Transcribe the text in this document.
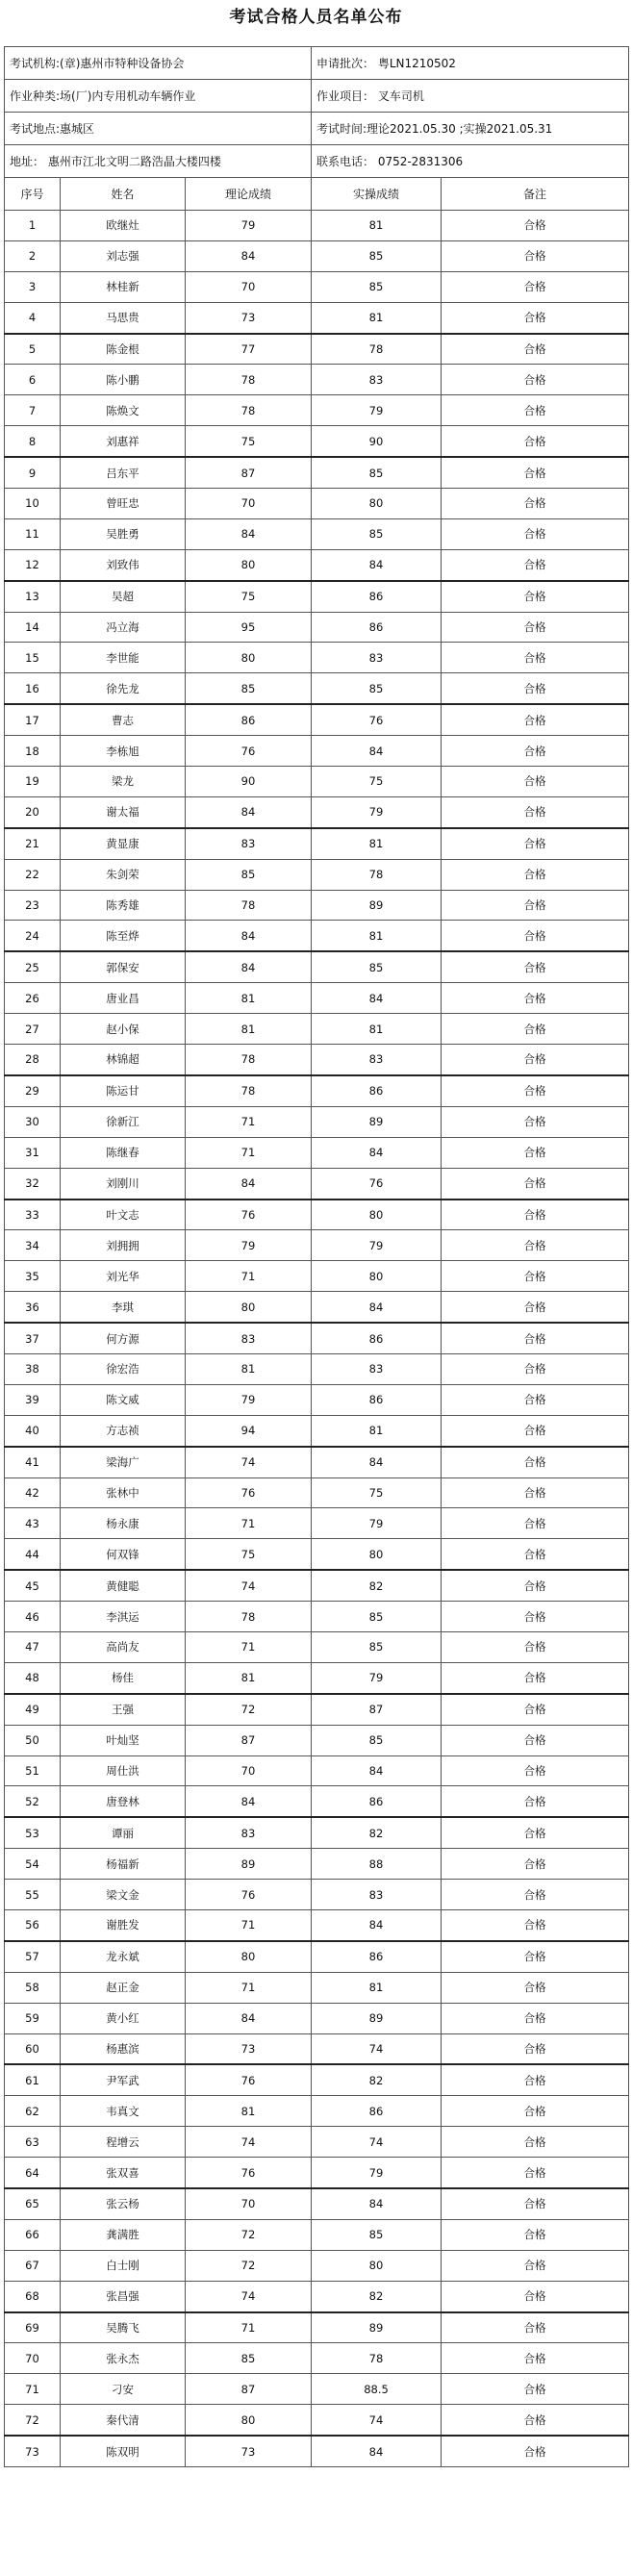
考试合格人员名单公布
考试机构:(章)惠州市特种设备协会			申请批次： 粤LN1210502	
作业种类:场(厂)内专用机动车辆作业			作业项目： 叉车司机	
考试地点:惠城区			考试时间:理论2021.05.30 ;实操2021.05.31	
地址： 惠州市江北文明二路浩晶大楼四楼			联系电话： 0752-2831306	
序号	姓名	理论成绩	实操成绩	备注
1	欧继灶	79	81	合格
2	刘志强	84	85	合格
3	林桂新	70	85	合格
4	马思贵	73	81	合格
5	陈金根	77	78	合格
6	陈小鹏	78	83	合格
7	陈焕文	78	79	合格
8	刘惠祥	75	90	合格
9	吕东平	87	85	合格
10	曾旺忠	70	80	合格
11	吴胜勇	84	85	合格
12	刘致伟	80	84	合格
13	吴超	75	86	合格
14	冯立海	95	86	合格
15	李世能	80	83	合格
16	徐先龙	85	85	合格
17	曹志	86	76	合格
18	李栋旭	76	84	合格
19	梁龙	90	75	合格
20	谢太福	84	79	合格
21	黄显康	83	81	合格
22	朱剑荣	85	78	合格
23	陈秀雄	78	89	合格
24	陈至烨	84	81	合格
25	郭保安	84	85	合格
26	唐业昌	81	84	合格
27	赵小保	81	81	合格
28	林锦超	78	83	合格
29	陈运甘	78	86	合格
30	徐新江	71	89	合格
31	陈继春	71	84	合格
32	刘刚川	84	76	合格
33	叶文志	76	80	合格
34	刘拥拥	79	79	合格
35	刘光华	71	80	合格
36	李琪	80	84	合格
37	何方源	83	86	合格
38	徐宏浩	81	83	合格
39	陈文威	79	86	合格
40	方志祯	94	81	合格
41	梁海广	74	84	合格
42	张林中	76	75	合格
43	杨永康	71	79	合格
44	何双锋	75	80	合格
45	黄健聪	74	82	合格
46	李淇运	78	85	合格
47	高尚友	71	85	合格
48	杨佳	81	79	合格
49	王强	72	87	合格
50	叶灿坚	87	85	合格
51	周仕洪	70	84	合格
52	唐登林	84	86	合格
53	谭丽	83	82	合格
54	杨福新	89	88	合格
55	梁文金	76	83	合格
56	谢胜发	71	84	合格
57	龙永斌	80	86	合格
58	赵正金	71	81	合格
59	黄小红	84	89	合格
60	杨惠滨	73	74	合格
61	尹军武	76	82	合格
62	韦真文	81	86	合格
63	程增云	74	74	合格
64	张双喜	76	79	合格
65	张云杨	70	84	合格
66	龚满胜	72	85	合格
67	白士刚	72	80	合格
68	张昌强	74	82	合格
69	吴腾飞	71	89	合格
70	张永杰	85	78	合格
71	刁安	87	88.5	合格
72	秦代清	80	74	合格
73	陈双明	73	84	合格
